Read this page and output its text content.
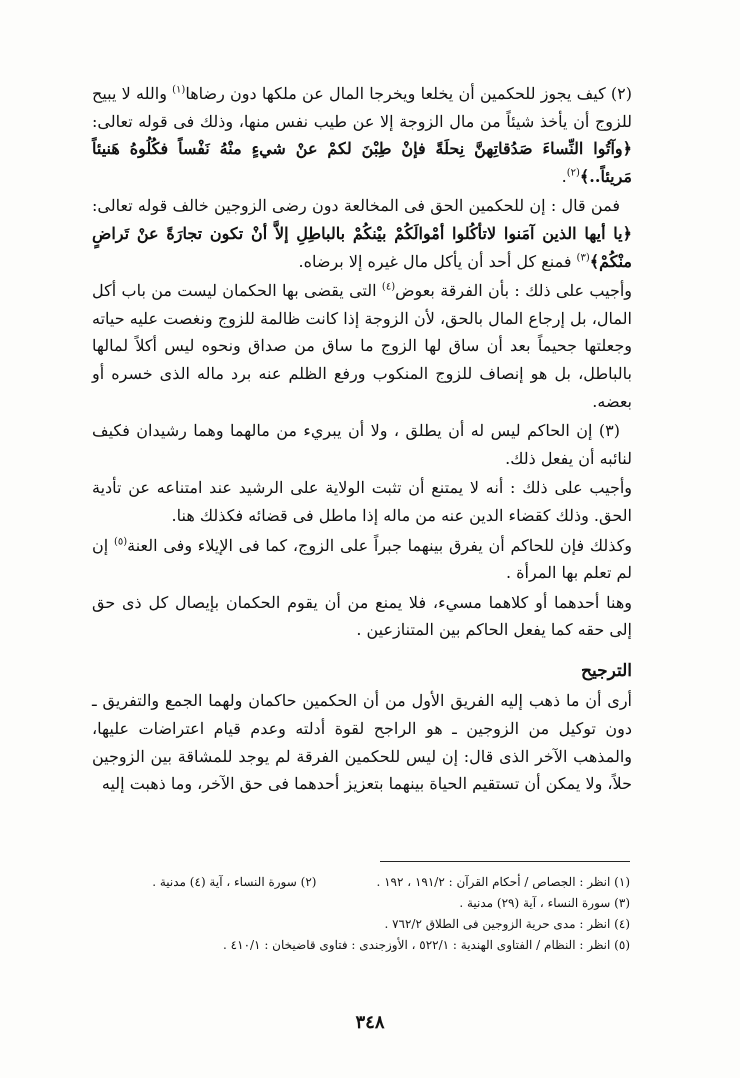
(٢) كيف يجوز للحكمين أن يخلعا ويخرجا المال عن ملكها دون رضاها$^{(١)}$ والله لا يبيح للزوج أن يأخذ شيئاً من مال الزوجة إلا عن طيب نفس منها، وذلك فى قوله تعالى: ﴿وآتُوا النِّساءَ صَدُقاتِهنَّ نِحلَةً فإنْ طِبْنَ لكمْ عنْ شيءٍ منْهُ نَفْساً فكُلُوهُ هَنيئاً مَريئاً..﴾$^{(٢)}$.

فمن قال : إن للحكمين الحق فى المخالعة دون رضى الزوجين خالف قوله تعالى: ﴿يا أيها الذين آمَنوا لاتأكُلوا أمْوالَكُمْ بيْنكُمْ بالباطِلِ إلاَّ أنْ تكون تجارَةً عنْ تَراضٍ منْكُمْ﴾$^{(٣)}$ فمنع كل أحد أن يأكل مال غيره إلا برضاه.

وأجيب على ذلك : بأن الفرقة بعوض$^{(٤)}$ التى يقضى بها الحكمان ليست من باب أكل المال، بل إرجاع المال بالحق، لأن الزوجة إذا كانت ظالمة للزوج ونغصت عليه حياته وجعلتها جحيماً بعد أن ساق لها الزوج ما ساق من صداق ونحوه ليس أكلاً لمالها بالباطل، بل هو إنصاف للزوج المنكوب ورفع الظلم عنه برد ماله الذى خسره أو بعضه.

(٣) إن الحاكم ليس له أن يطلق ، ولا أن يبريء من مالهما وهما رشيدان فكيف لنائبه أن يفعل ذلك.

وأجيب على ذلك : أنه لا يمتنع أن تثبت الولاية على الرشيد عند امتناعه عن تأدية الحق. وذلك كقضاء الدين عنه من ماله إذا ماطل فى قضائه فكذلك هنا.

وكذلك فإن للحاكم أن يفرق بينهما جبراً على الزوج، كما فى الإيلاء وفى العنة$^{(٥)}$ إن لم تعلم بها المرأة .

وهنا أحدهما أو كلاهما مسيء، فلا يمنع من أن يقوم الحكمان بإيصال كل ذى حق إلى حقه كما يفعل الحاكم بين المتنازعين .

الترجيح

أرى أن ما ذهب إليه الفريق الأول من أن الحكمين حاكمان ولهما الجمع والتفريق ـ دون توكيل من الزوجين ـ هو الراجح لقوة أدلته وعدم قيام اعتراضات عليها، والمذهب الآخر الذى قال: إن ليس للحكمين الفرقة لم يوجد للمشاقة بين الزوجين حلاً، ولا يمكن أن تستقيم الحياة بينهما بتعزيز أحدهما فى حق الآخر، وما ذهبت إليه

(١) انظر : الجصاص / أحكام القرآن : ١٩١/٢ ، ١٩٢ .
(٢) سورة النساء ، آية (٤) مدنية .
(٣) سورة النساء ، آية (٢٩) مدنية .
(٤) انظر : مدى حرية الزوجين فى الطلاق ٧٦٢/٢ .
(٥) انظر : النظام / الفتاوى الهندية : ٥٢٢/١ ، الأوزجندى : فتاوى قاضيخان : ٤١٠/١ .
٣٤٨
